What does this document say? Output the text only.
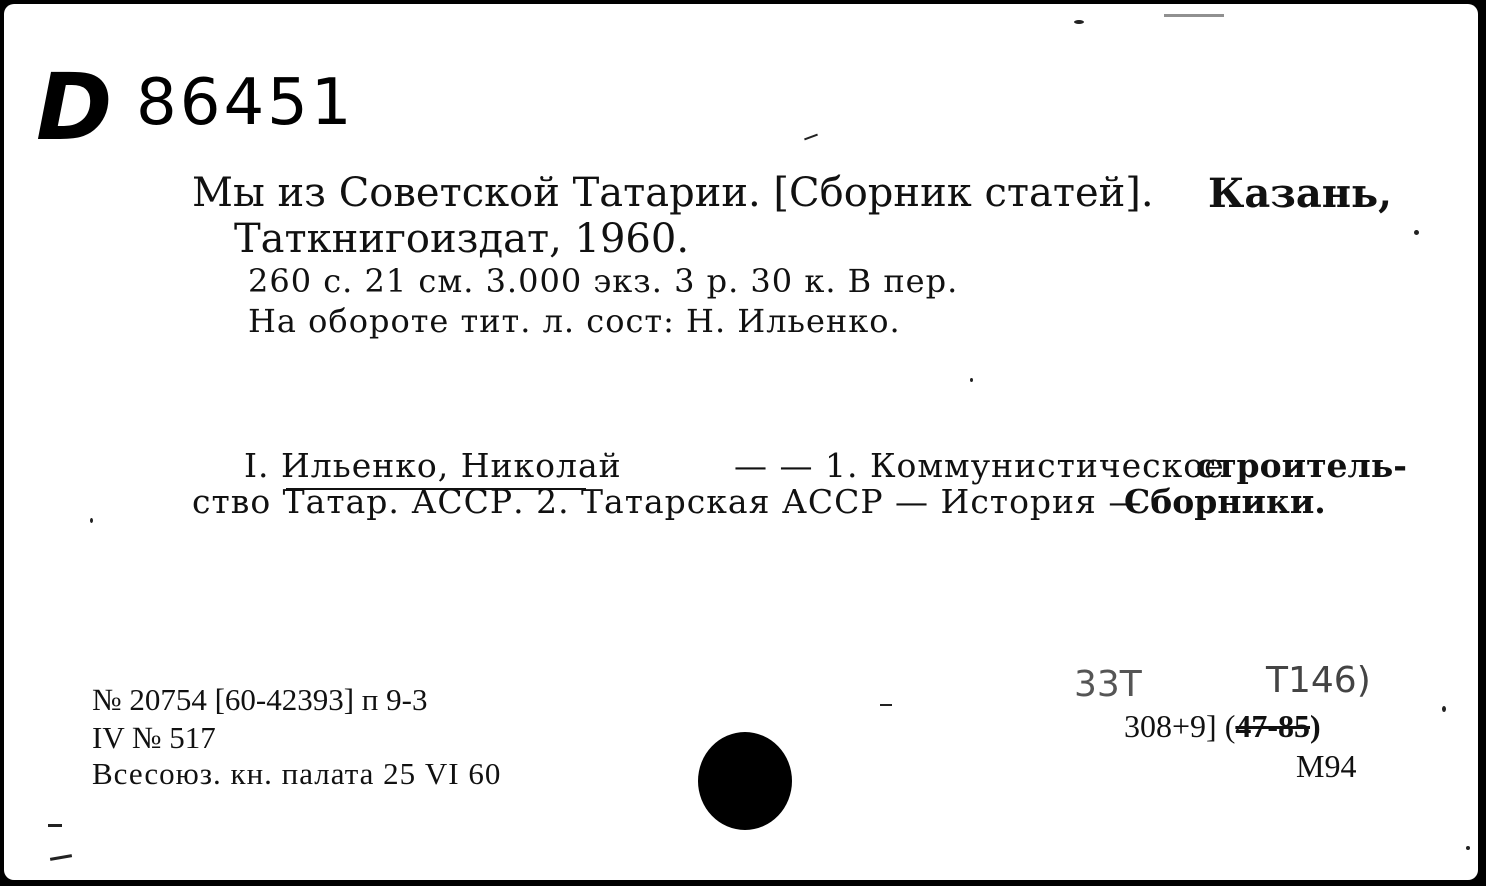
D 86451
Мы из Советской Татарии. [Сборник статей]. Казань,
Таткнигоиздат, 1960.
260 с. 21 см. 3.000 экз. 3 р. 30 к. В пер.
На обороте тит. л. сост: Н. Ильенко.
I. Ильенко, Николай	— — 1. Коммунистическое
строитель-
ство Татар. АССР. 2. Татарская АССР — История —
Сборники.
№ 20754 [60-42393] п 9-3
IV № 517
Всесоюз. кн. палата 25 VI 60
33Т	Т146)
308+9] (47-85)
М94
